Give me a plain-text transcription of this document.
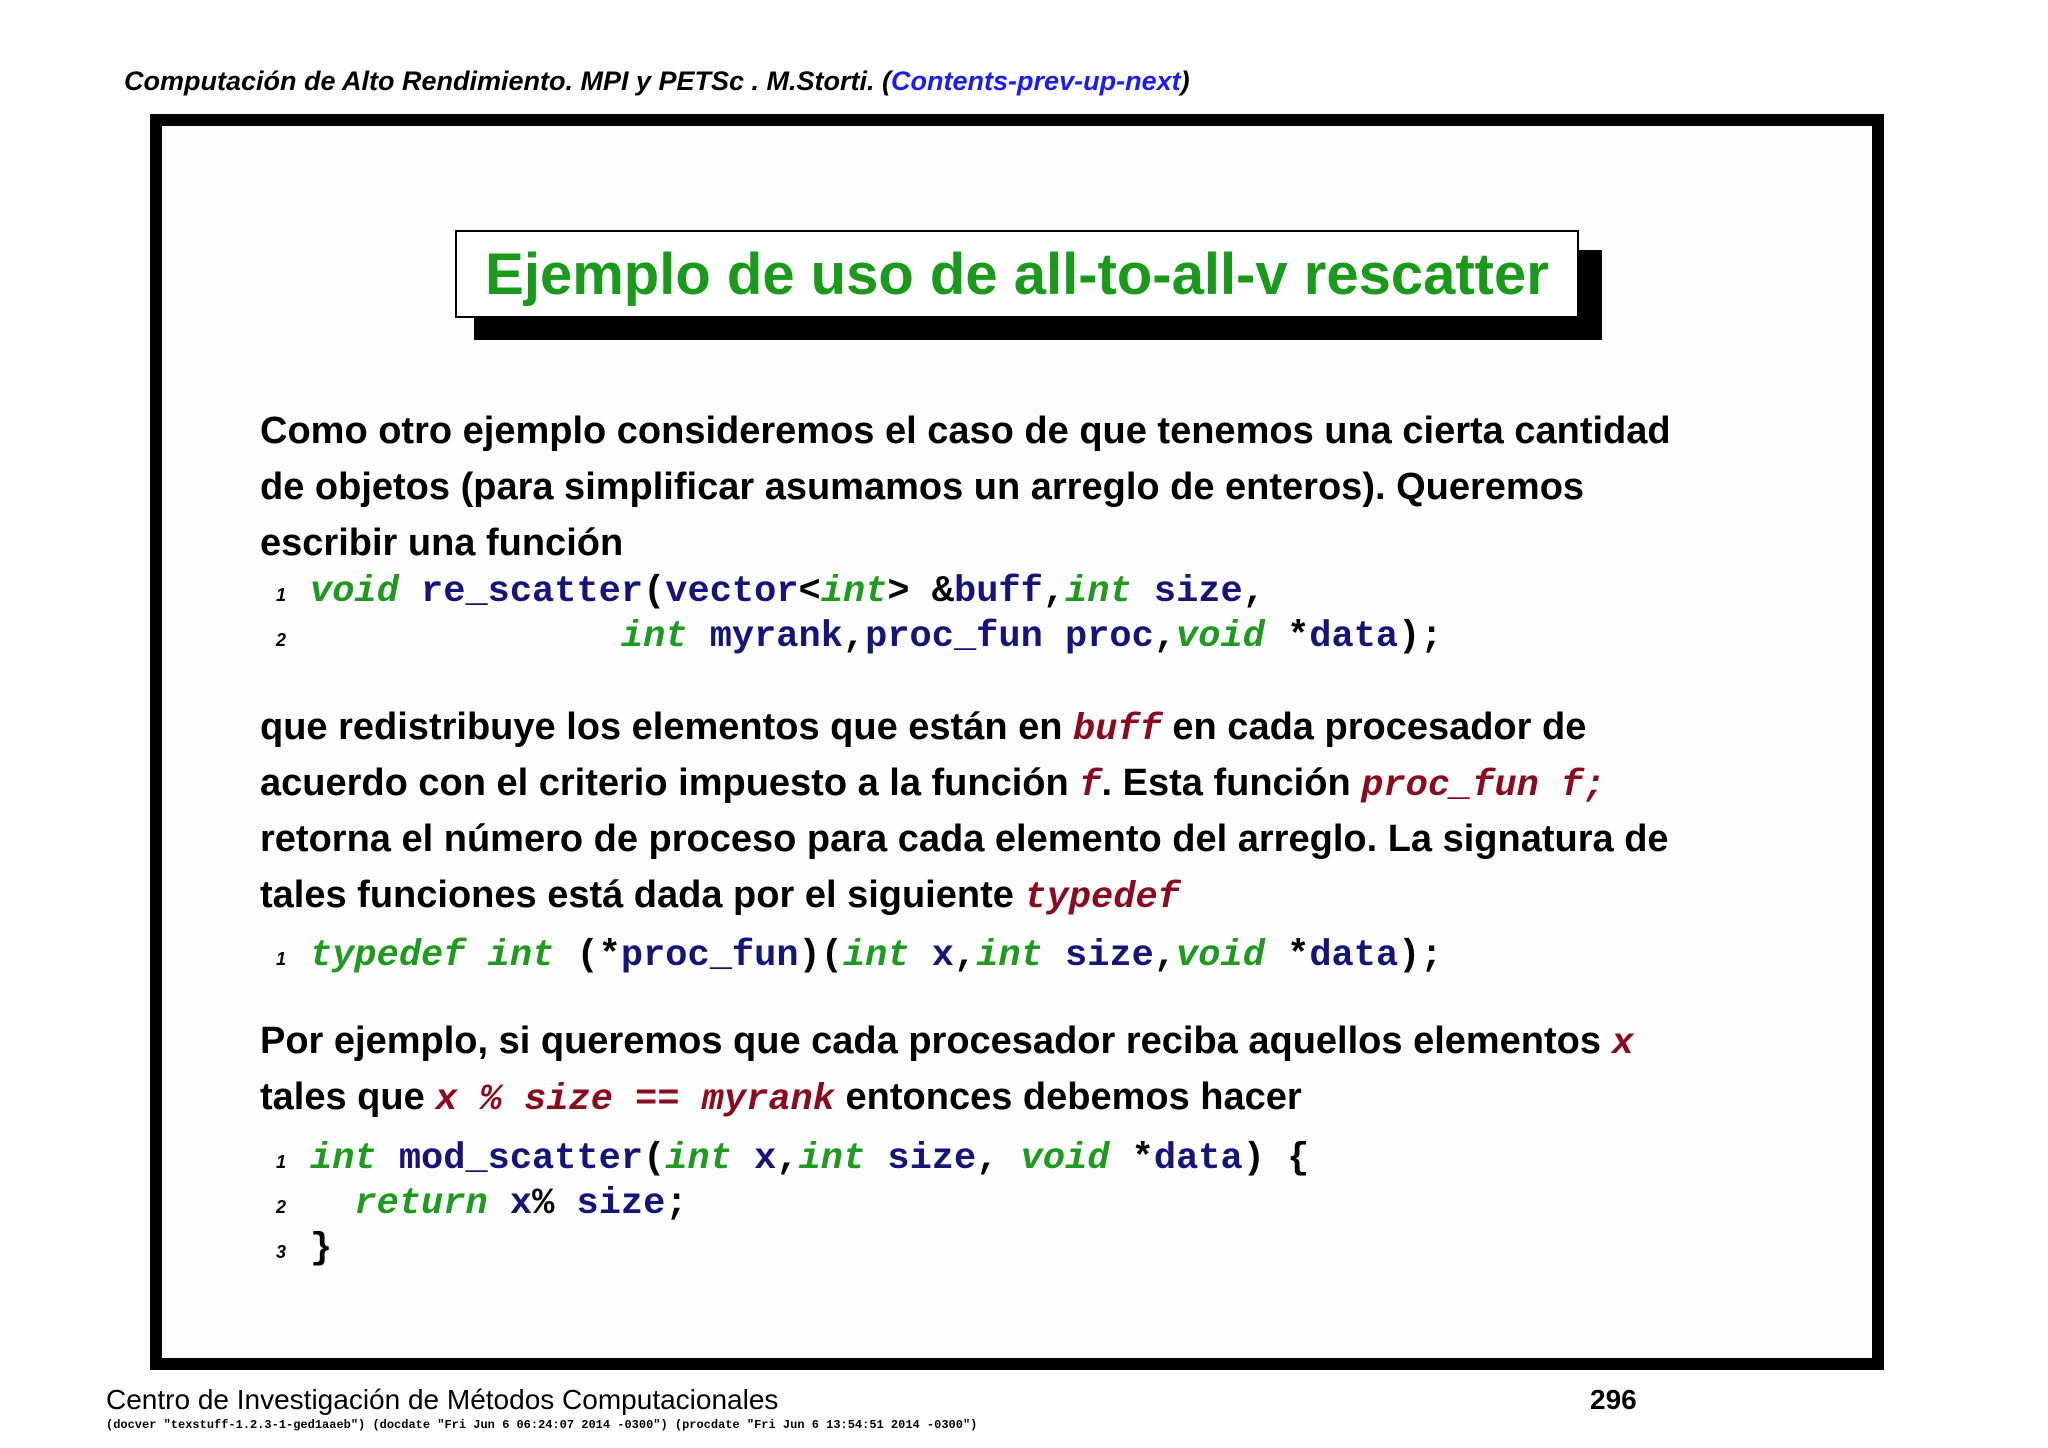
Computación de Alto Rendimiento. MPI y PETSc . M.Storti. (Contents-prev-up-next)
Ejemplo de uso de all-to-all-v rescatter
Como otro ejemplo consideremos el caso de que tenemos una cierta cantidad
de objetos (para simplificar asumamos un arreglo de enteros). Queremos
escribir una función
1 void re_scatter(vector<int> &buff,int size,
2	int myrank,proc_fun proc,void *data);
que redistribuye los elementos que están en buff en cada procesador de
acuerdo con el criterio impuesto a la función f. Esta función proc_fun f;
retorna el número de proceso para cada elemento del arreglo. La signatura de
tales funciones está dada por el siguiente typedef
1 typedef int (*proc_fun)(int x,int size,void *data);
Por ejemplo, si queremos que cada procesador reciba aquellos elementos x
tales que x % size == myrank entonces debemos hacer
1 int mod_scatter(int x,int size, void *data) {
2 return x% size;
3 }
Centro de Investigación de Métodos Computacionales	296
(docver "texstuff-1.2.3-1-ged1aaeb") (docdate "Fri Jun 6 06:24:07 2014 -0300") (procdate "Fri Jun 6 13:54:51 2014 -0300")
